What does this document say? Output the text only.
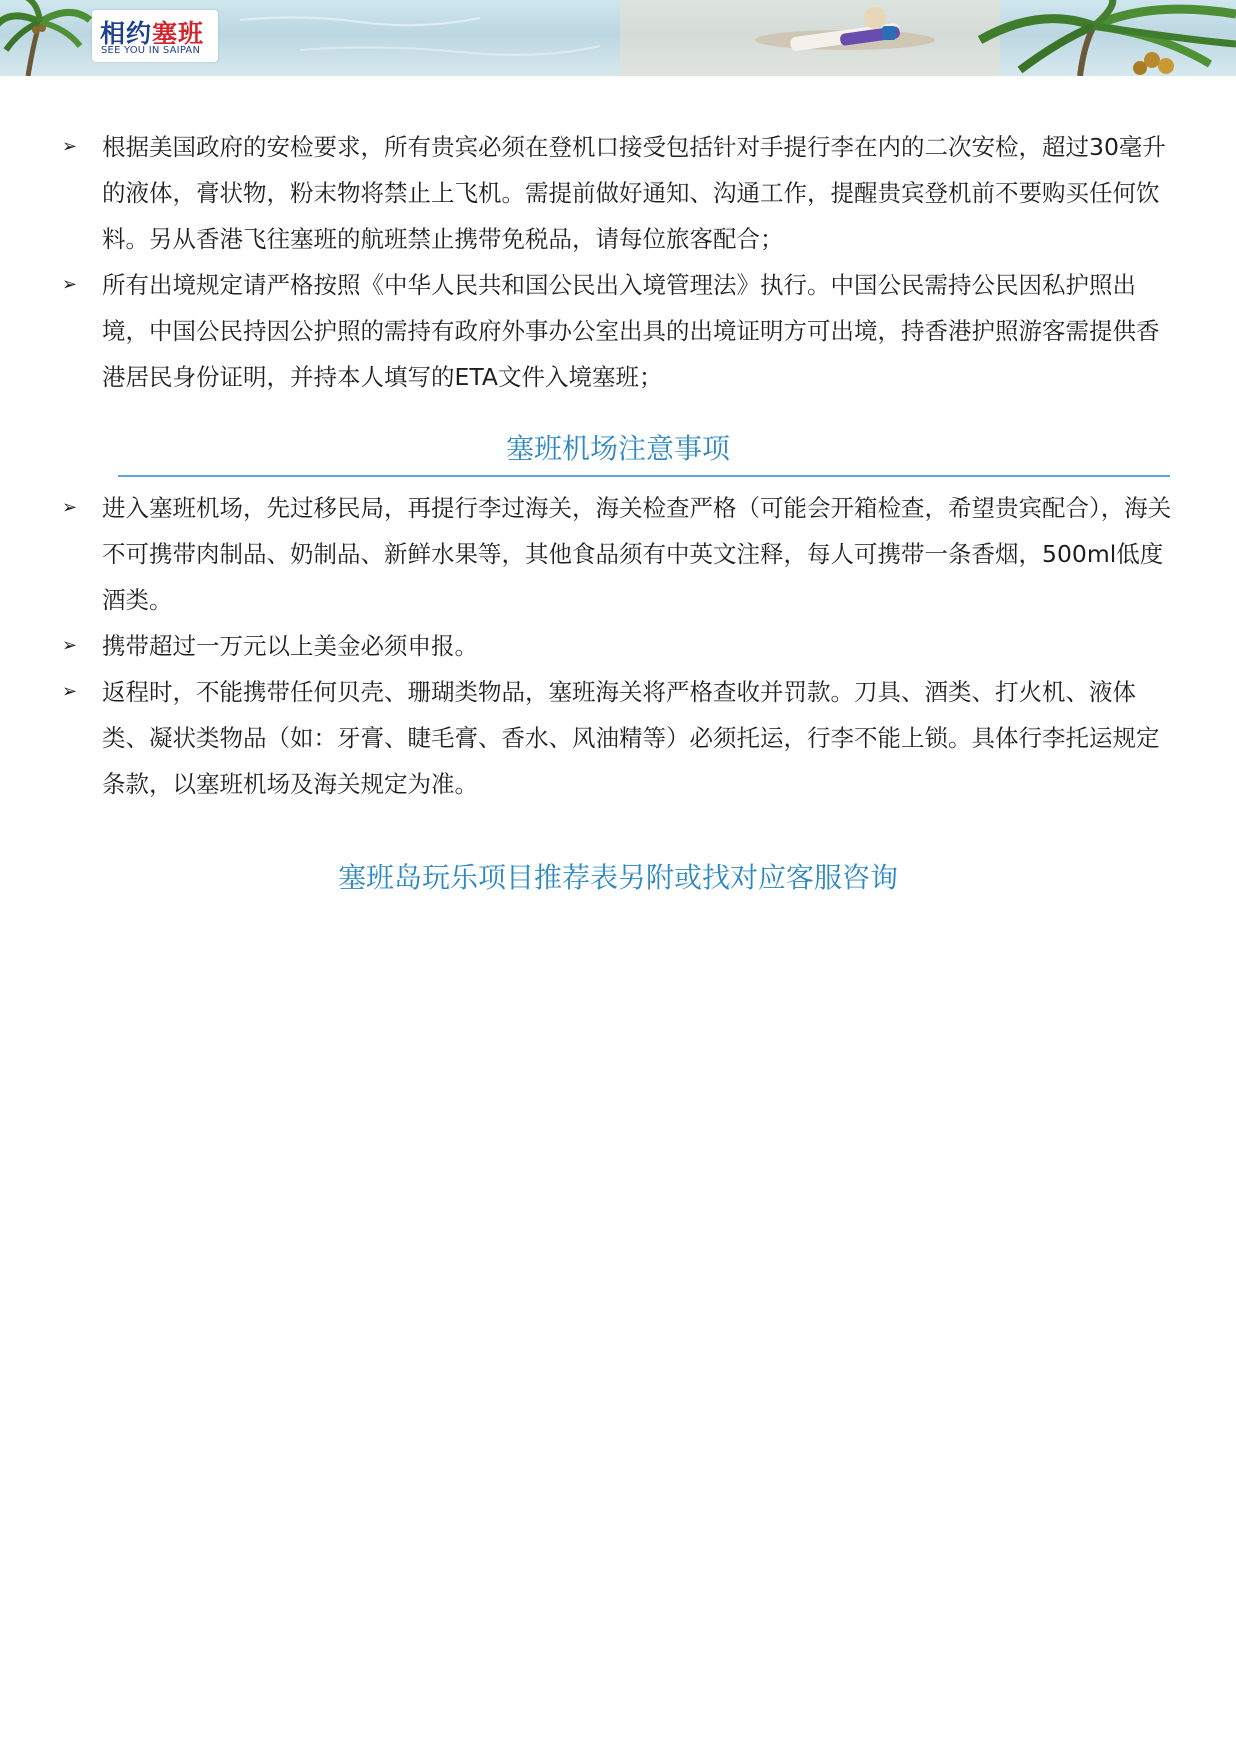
相约塞班
SEE YOU IN SAIPAN
➢ 根据美国政府的安检要求，所有贵宾必须在登机口接受包括针对手提行李在内的二次安检，超过30毫升的液体，膏状物，粉末物将禁止上飞机。需提前做好通知、沟通工作，提醒贵宾登机前不要购买任何饮料。另从香港飞往塞班的航班禁止携带免税品，请每位旅客配合；
➢ 所有出境规定请严格按照《中华人民共和国公民出入境管理法》执行。中国公民需持公民因私护照出境，中国公民持因公护照的需持有政府外事办公室出具的出境证明方可出境，持香港护照游客需提供香港居民身份证明，并持本人填写的ETA文件入境塞班；
塞班机场注意事项
➢ 进入塞班机场，先过移民局，再提行李过海关，海关检查严格（可能会开箱检查，希望贵宾配合），海关不可携带肉制品、奶制品、新鲜水果等，其他食品须有中英文注释，每人可携带一条香烟，500ml低度酒类。
➢ 携带超过一万元以上美金必须申报。
➢ 返程时，不能携带任何贝壳、珊瑚类物品，塞班海关将严格查收并罚款。刀具、酒类、打火机、液体类、凝状类物品（如：牙膏、睫毛膏、香水、风油精等）必须托运，行李不能上锁。具体行李托运规定条款，以塞班机场及海关规定为准。
塞班岛玩乐项目推荐表另附或找对应客服咨询
